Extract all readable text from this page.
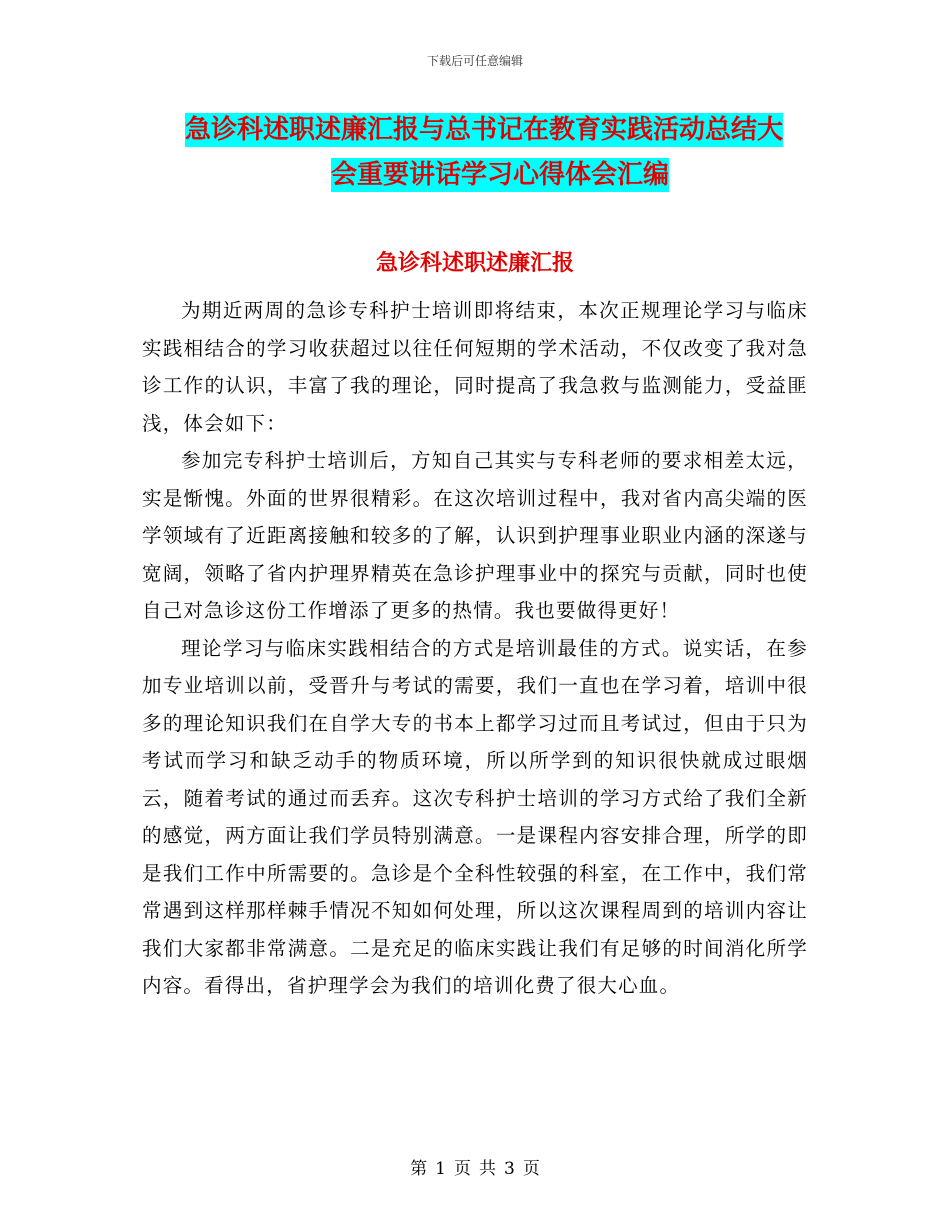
下载后可任意编辑
急诊科述职述廉汇报与总书记在教育实践活动总结大

会重要讲话学习心得体会汇编
急诊科述职述廉汇报

为期近两周的急诊专科护士培训即将结束，本次正规理论学习与临床实践相结合的学习收获超过以往任何短期的学术活动，不仅改变了我对急诊工作的认识，丰富了我的理论，同时提高了我急救与监测能力，受益匪浅，体会如下：

参加完专科护士培训后，方知自己其实与专科老师的要求相差太远，实是惭愧。外面的世界很精彩。在这次培训过程中，我对省内高尖端的医学领域有了近距离接触和较多的了解，认识到护理事业职业内涵的深遂与宽阔，领略了省内护理界精英在急诊护理事业中的探究与贡献，同时也使自己对急诊这份工作增添了更多的热情。我也要做得更好！

理论学习与临床实践相结合的方式是培训最佳的方式。说实话，在参加专业培训以前，受晋升与考试的需要，我们一直也在学习着，培训中很多的理论知识我们在自学大专的书本上都学习过而且考试过，但由于只为考试而学习和缺乏动手的物质环境，所以所学到的知识很快就成过眼烟云，随着考试的通过而丢弃。这次专科护士培训的学习方式给了我们全新的感觉，两方面让我们学员特别满意。一是课程内容安排合理，所学的即是我们工作中所需要的。急诊是个全科性较强的科室，在工作中，我们常常遇到这样那样棘手情况不知如何处理，所以这次课程周到的培训内容让我们大家都非常满意。二是充足的临床实践让我们有足够的时间消化所学内容。看得出，省护理学会为我们的培训化费了很大心血。

第 1 页 共 3 页
